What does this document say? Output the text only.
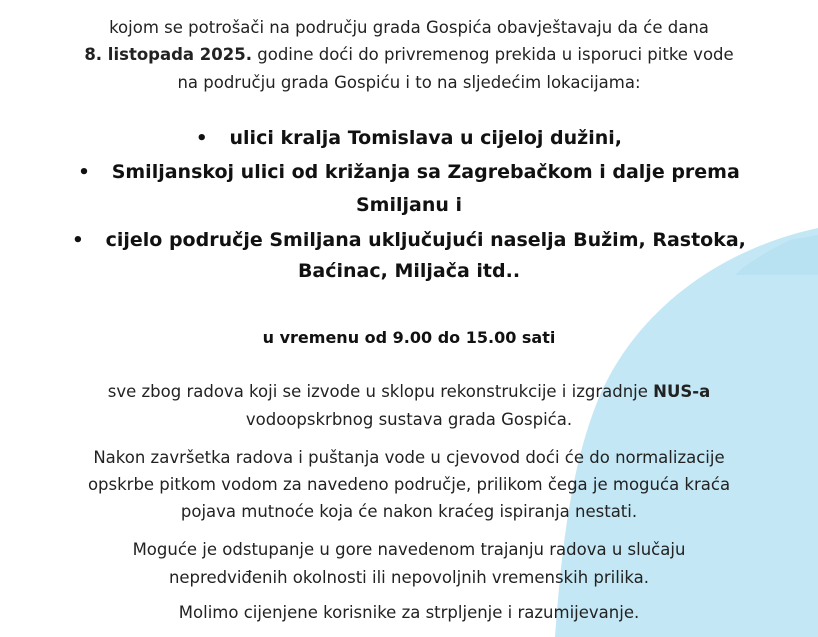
kojom se potrošači na području grada Gospića obavještavaju da će dana
8. listopada 2025. godine doći do privremenog prekida u isporuci pitke vode
na području grada Gospiću i to na sljedećim lokacijama:
• ulici kralja Tomislava u cijeloj dužini,
• Smiljanskoj ulici od križanja sa Zagrebačkom i dalje prema
Smiljanu i
• cijelo područje Smiljana uključujući naselja Bužim, Rastoka,
Baćinac, Miljača itd..
u vremenu od 9.00 do 15.00 sati
sve zbog radova koji se izvode u sklopu rekonstrukcije i izgradnje NUS-a
vodoopskrbnog sustava grada Gospića.
Nakon završetka radova i puštanja vode u cjevovod doći će do normalizacije
opskrbe pitkom vodom za navedeno područje, prilikom čega je moguća kraća
pojava mutnoće koja će nakon kraćeg ispiranja nestati.
Moguće je odstupanje u gore navedenom trajanju radova u slučaju
nepredviđenih okolnosti ili nepovoljnih vremenskih prilika.
Molimo cijenjene korisnike za strpljenje i razumijevanje.
